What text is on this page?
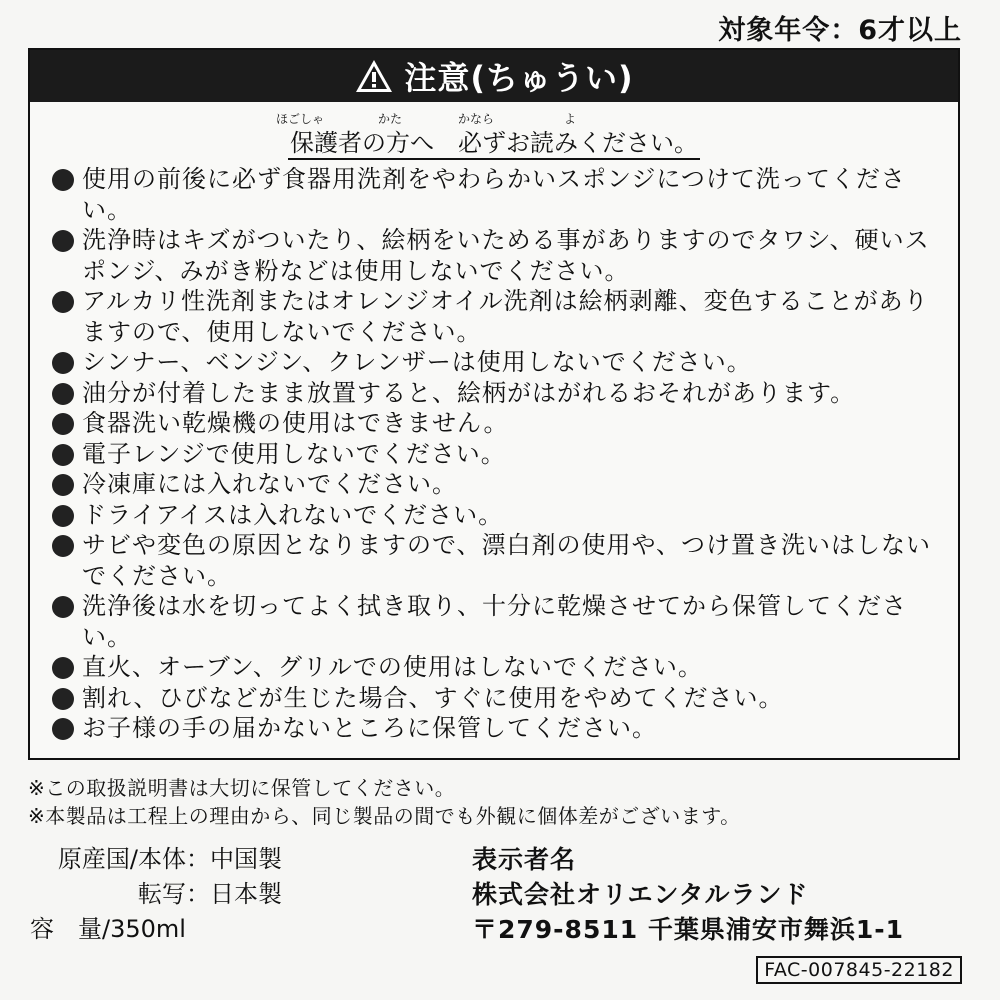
対象年令：6才以上
注意(ちゅうい)
ほごしゃ	かた	かなら	よ
保護者の方へ　必ずお読みください。
使用の前後に必ず食器用洗剤をやわらかいスポンジにつけて洗ってください。
洗浄時はキズがついたり、絵柄をいためる事がありますのでタワシ、硬いスポンジ、みがき粉などは使用しないでください。
アルカリ性洗剤またはオレンジオイル洗剤は絵柄剥離、変色することがありますので、使用しないでください。
シンナー、ベンジン、クレンザーは使用しないでください。
油分が付着したまま放置すると、絵柄がはがれるおそれがあります。
食器洗い乾燥機の使用はできません。
電子レンジで使用しないでください。
冷凍庫には入れないでください。
ドライアイスは入れないでください。
サビや変色の原因となりますので、漂白剤の使用や、つけ置き洗いはしないでください。
洗浄後は水を切ってよく拭き取り、十分に乾燥させてから保管してください。
直火、オーブン、グリルでの使用はしないでください。
割れ、ひびなどが生じた場合、すぐに使用をやめてください。
お子様の手の届かないところに保管してください。
※この取扱説明書は大切に保管してください。
※本製品は工程上の理由から、同じ製品の間でも外観に個体差がございます。
原産国/本体： 中国製
転写： 日本製
容　量/ 350ml
表示者名
株式会社オリエンタルランド
〒279-8511 千葉県浦安市舞浜1-1
FAC-007845-22182
